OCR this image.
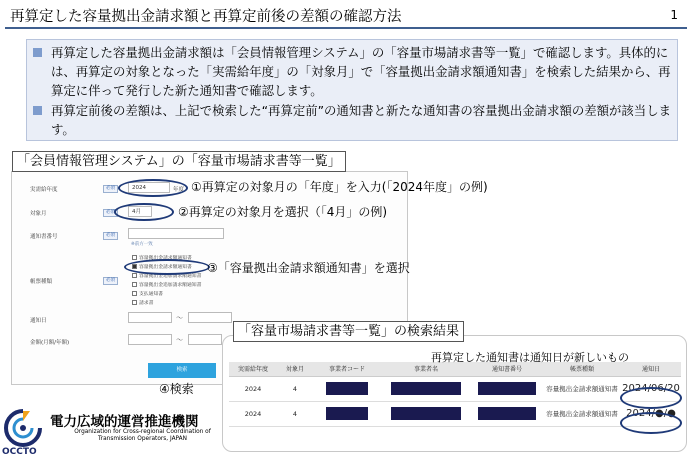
再算定した容量拠出金請求額と再算定前後の差額の確認方法	1
再算定した容量拠出金請求額は「会員情報管理システム」の「容量市場請求書等一覧」で確認します。具体的には、再算定の対象となった「実需給年度」の「対象月」で「容量拠出金請求額通知書」を検索した結果から、再算定に伴って発行した新た通知書で確認します。
再算定前後の差額は、上記で検索した“再算定前”の通知書と新たな通知書の容量拠出金請求額の差額が該当します。
「会員情報管理システム」の「容量市場請求書等一覧」
実需給年度	必須	2024	年度
対象月	必須	4月
通知書番号	必須
※前方一致
帳票種類	必須
容量拠出金請求額通知書
容量拠出金請求額通知書
容量拠出金追加請求額通知書
容量拠出金追加請求額通知書
支払通知書
請求書
通知日	～
金額(月額/年額)	～
検索
④検索
①再算定の対象月の「年度」を入力(「2024年度」の例)
②再算定の対象月を選択（「4月」の例)
③「容量拠出金請求額通知書」を選択
「容量市場請求書等一覧」の検索結果
再算定した通知書は通知日が新しいもの
実需給年度	対象月	事業者コード	事業者名	通知書番号	帳票種類	通知日
2024	4				容量拠出金請求額通知書	2024/06/20
2024	4				容量拠出金請求額通知書	2024/●/●
電力広域的運営推進機関
Organization for Cross-regional Coordination of Transmission Operators, JAPAN
OCCTO
